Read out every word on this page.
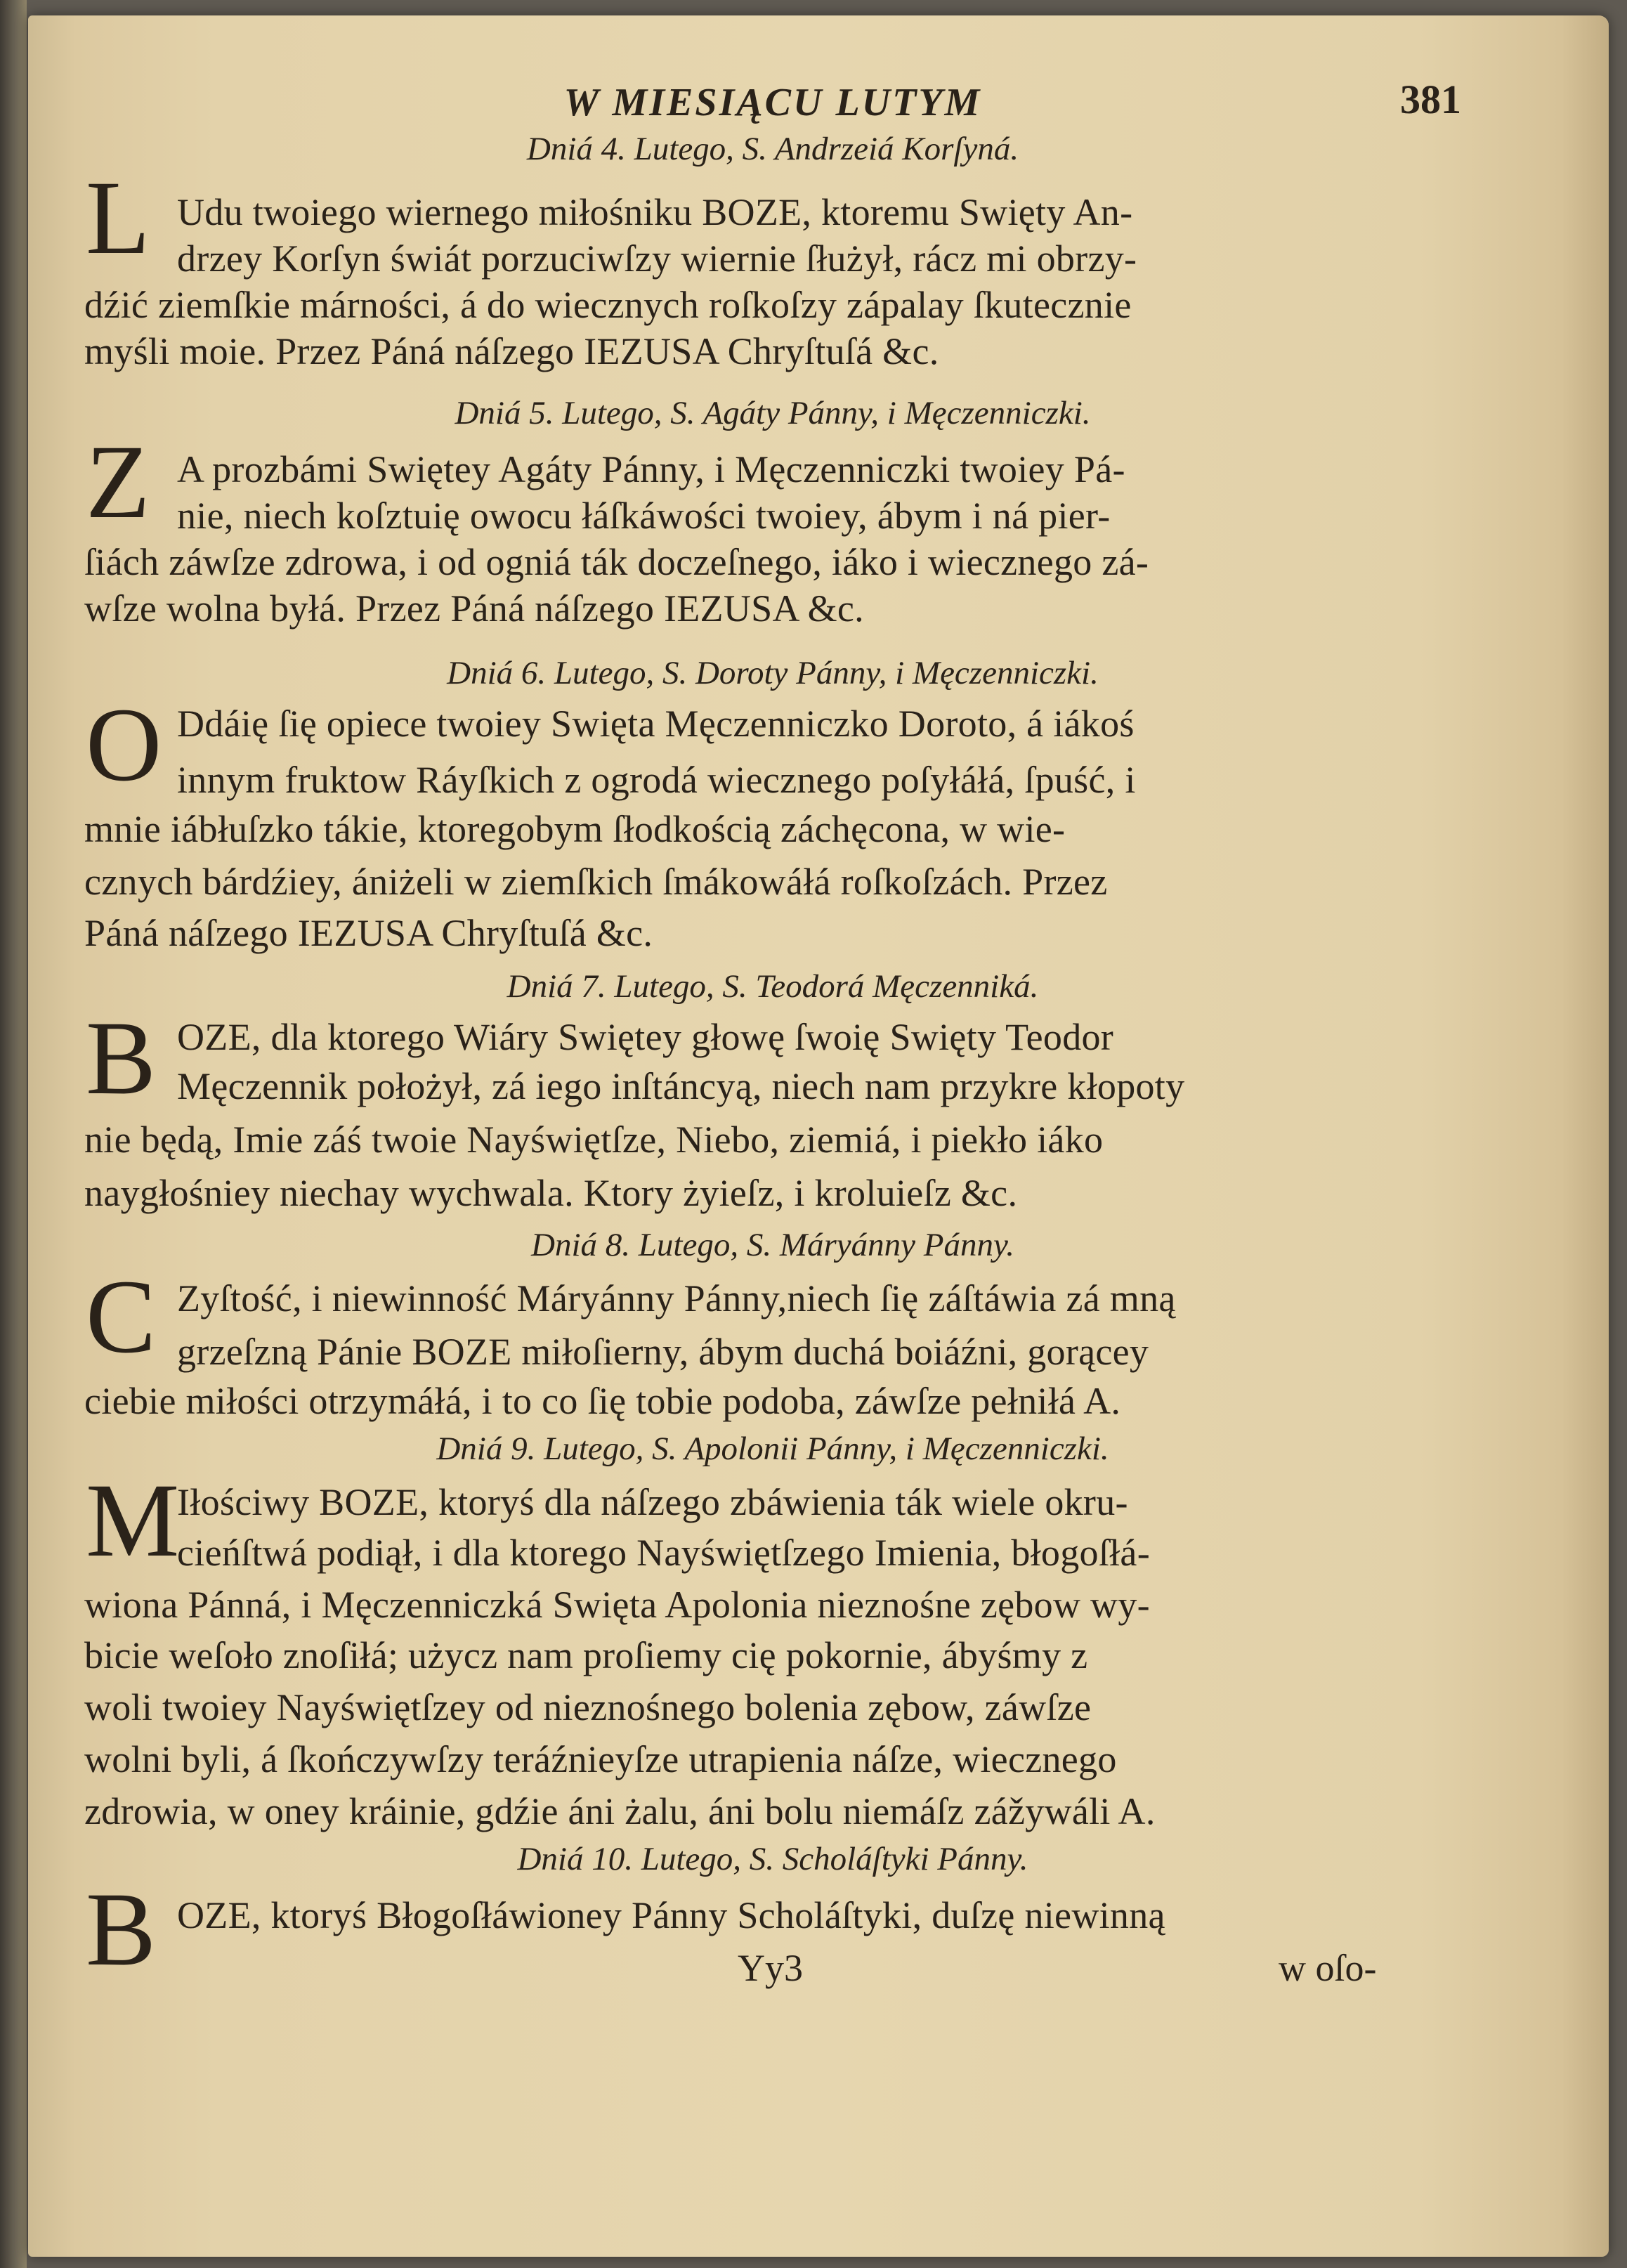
W MIESIĄCU LUTYM	381
Dniá 4. Lutego, S. Andrzeiá Korſyná.
L Udu twoiego wiernego miłośniku BOZE, ktoremu Swięty An-
drzey Korſyn świát porzuciwſzy wiernie ſłużył, rácz mi obrzy-
dźić ziemſkie márności, á do wiecznych roſkoſzy zápalay ſkutecznie
myśli moie. Przez Páná náſzego IEZUSA Chryſtuſá &c.
Dniá 5. Lutego, S. Agáty Pánny, i Męczenniczki.
Z A prozbámi Swiętey Agáty Pánny, i Męczenniczki twoiey Pá-
nie, niech koſztuię owocu łáſkáwości twoiey, ábym i ná pier-
ſiách záwſze zdrowa, i od ogniá ták doczeſnego, iáko i wiecznego zá-
wſze wolna byłá. Przez Páná náſzego IEZUSA &c.
Dniá 6. Lutego, S. Doroty Pánny, i Męczenniczki.
O Ddáię ſię opiece twoiey Swięta Męczenniczko Doroto, á iákoś
innym fruktow Ráyſkich z ogrodá wiecznego poſyłáłá, ſpuść, i
mnie iábłuſzko tákie, ktoregobym ſłodkością záchęcona, w wie-
cznych bárdźiey, ániżeli w ziemſkich ſmákowáłá roſkoſzách. Przez
Páná náſzego IEZUSA Chryſtuſá &c.
Dniá 7. Lutego, S. Teodorá Męczenniká.
B OZE, dla ktorego Wiáry Swiętey głowę ſwoię Swięty Teodor
Męczennik położył, zá iego inſtáncyą, niech nam przykre kłopoty
nie będą, Imie záś twoie Nayświętſze, Niebo, ziemiá, i piekło iáko
naygłośniey niechay wychwala. Ktory żyieſz, i kroluieſz &c.
Dniá 8. Lutego, S. Máryánny Pánny.
C Zyſtość, i niewinność Máryánny Pánny,niech ſię záſtáwia zá mną
grzeſzną Pánie BOZE miłoſierny, ábym duchá boiáźni, gorącey
ciebie miłości otrzymáłá, i to co ſię tobie podoba, záwſze pełniłá A.
Dniá 9. Lutego, S. Apolonii Pánny, i Męczenniczki.
M
Iłościwy BOZE, ktoryś dla náſzego zbáwienia ták wiele okru-
cieńſtwá podiął, i dla ktorego Nayświętſzego Imienia, błogoſłá-
wiona Pánná, i Męczenniczká Swięta Apolonia nieznośne zębow wy-
bicie weſoło znoſiłá; użycz nam proſiemy cię pokornie, ábyśmy z
woli twoiey Nayświętſzey od nieznośnego bolenia zębow, záwſze
wolni byli, á ſkończywſzy teráźnieyſze utrapienia náſze, wiecznego
zdrowia, w oney kráinie, gdźie áni żalu, áni bolu niemáſz zážywáli A.
Dniá 10. Lutego, S. Scholáſtyki Pánny.
B OZE, ktoryś Błogoſłáwioney Pánny Scholáſtyki, duſzę niewinną
Yy3	w oſo-
